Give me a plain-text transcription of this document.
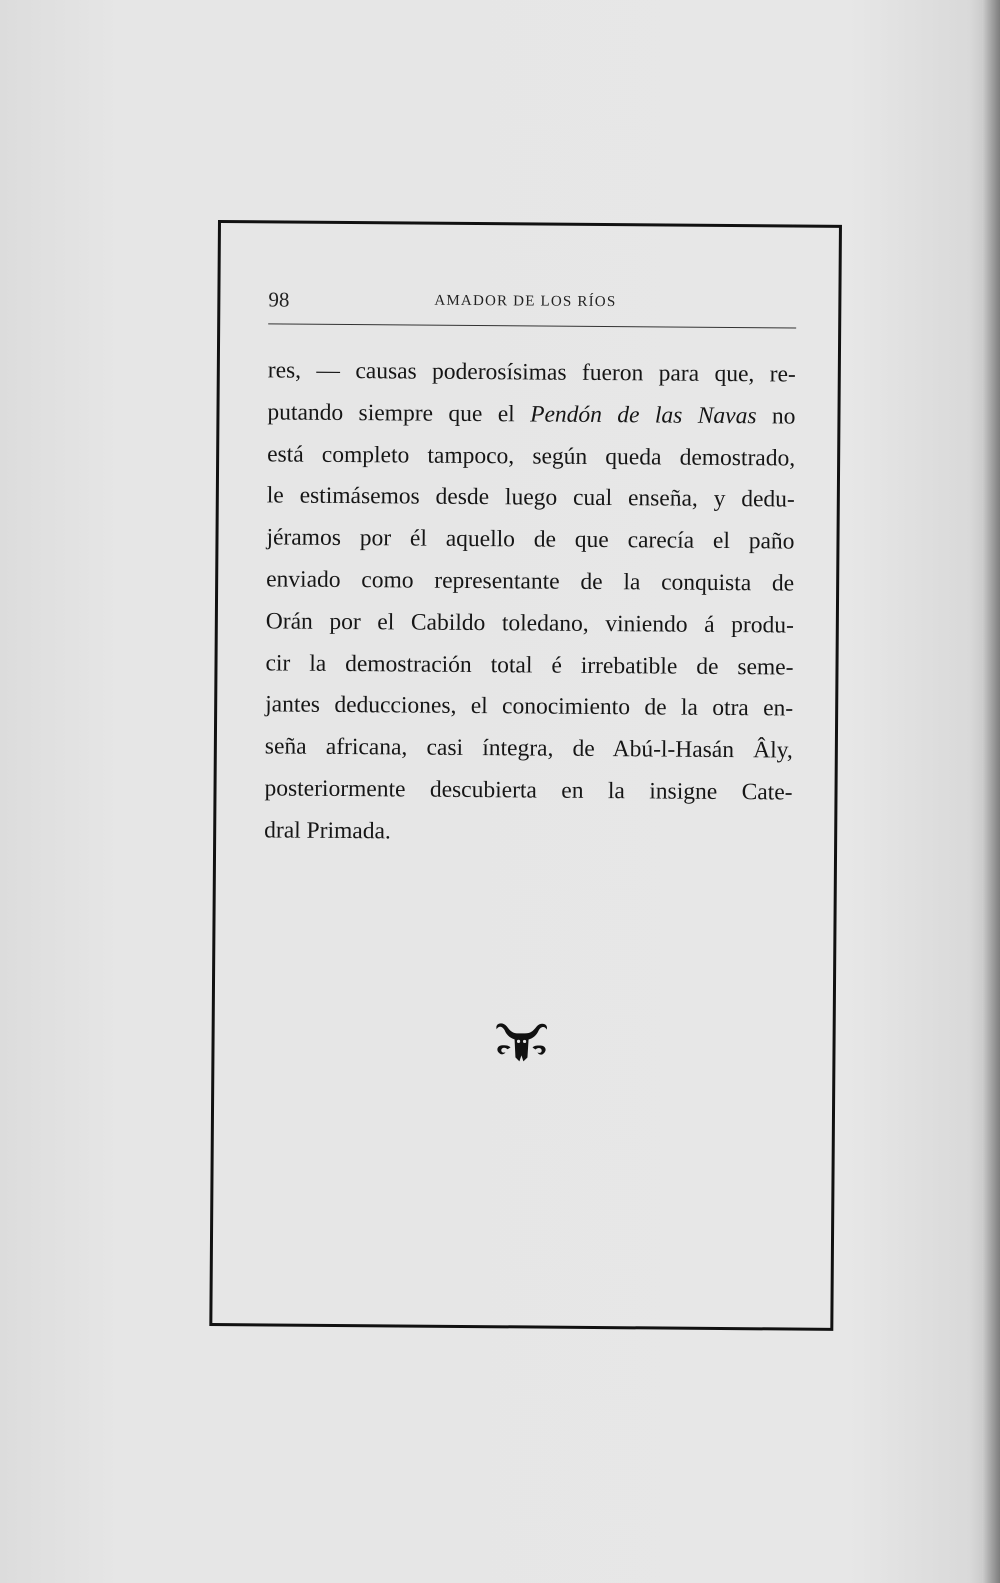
98	AMADOR DE LOS RÍOS
res, — causas poderosísimas fueron para que, re-
putando siempre que el Pendón de las Navas no
está completo tampoco, según queda demostrado,
le estimásemos desde luego cual enseña, y dedu-
jéramos por él aquello de que carecía el paño
enviado como representante de la conquista de
Orán por el Cabildo toledano, viniendo á produ-
cir la demostración total é irrebatible de seme-
jantes deducciones, el conocimiento de la otra en-
seña africana, casi íntegra, de Abú-l-Hasán Âly,
posteriormente descubierta en la insigne Cate-
dral Primada.
